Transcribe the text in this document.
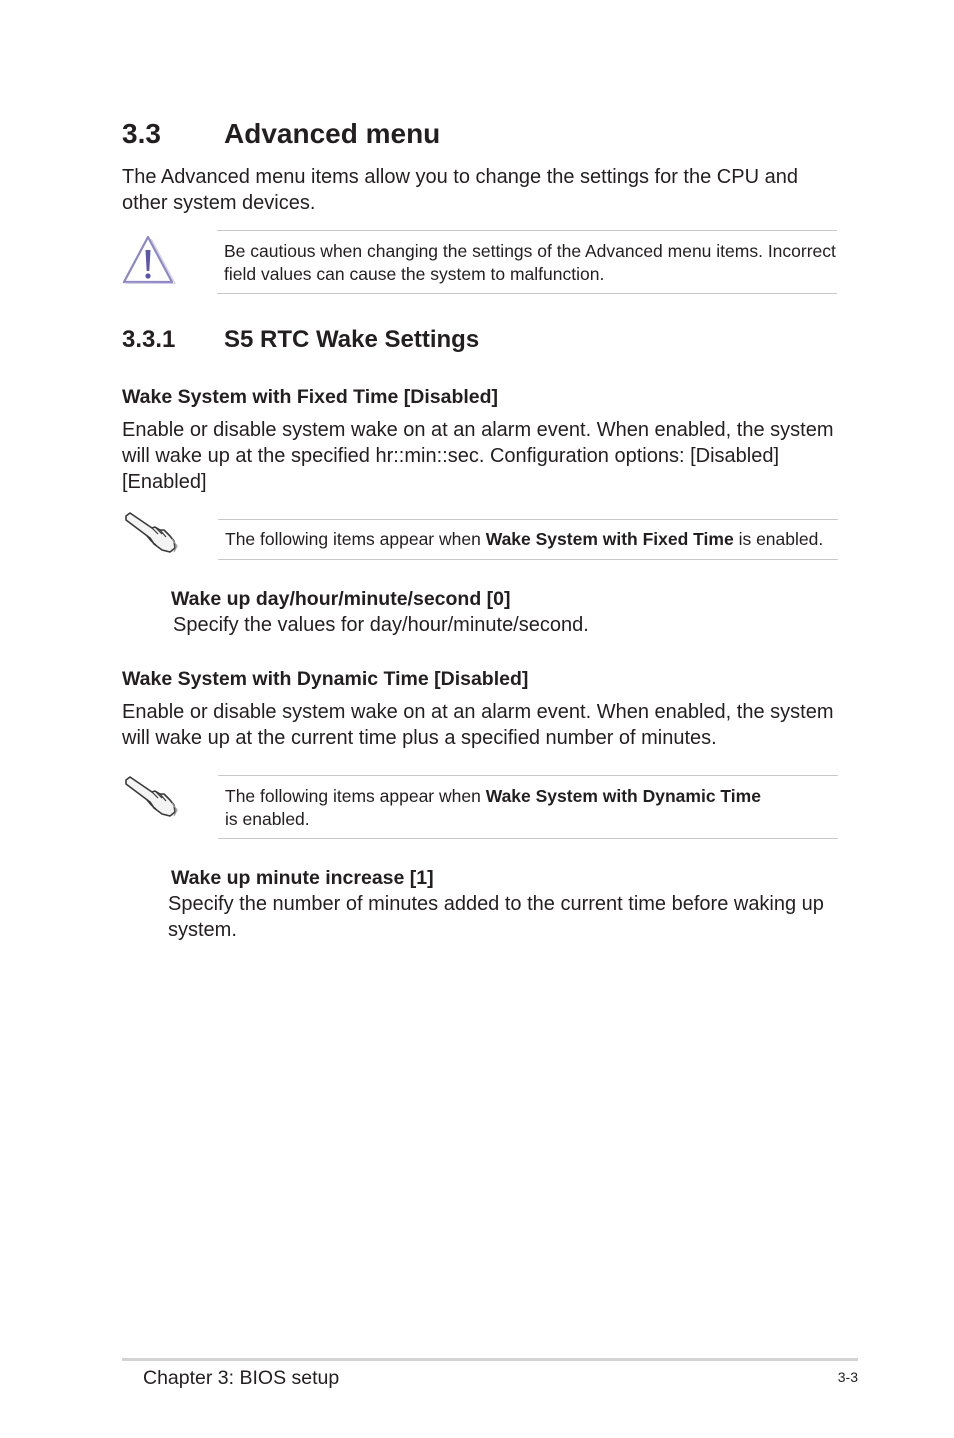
3.3 Advanced menu
The Advanced menu items allow you to change the settings for the CPU and other system devices.
Be cautious when changing the settings of the Advanced menu items. Incorrect field values can cause the system to malfunction.
3.3.1 S5 RTC Wake Settings
Wake System with Fixed Time [Disabled]
Enable or disable system wake on at an alarm event. When enabled, the system will wake up at the specified hr::min::sec. Configuration options: [Disabled] [Enabled]
The following items appear when Wake System with Fixed Time is enabled.
Wake up day/hour/minute/second [0]
Specify the values for day/hour/minute/second.
Wake System with Dynamic Time [Disabled]
Enable or disable system wake on at an alarm event. When enabled, the system will wake up at the current time plus a specified number of minutes.
The following items appear when Wake System with Dynamic Time is enabled.
Wake up minute increase [1]
Specify the number of minutes added to the current time before waking up system.
Chapter 3: BIOS setup	3-3
